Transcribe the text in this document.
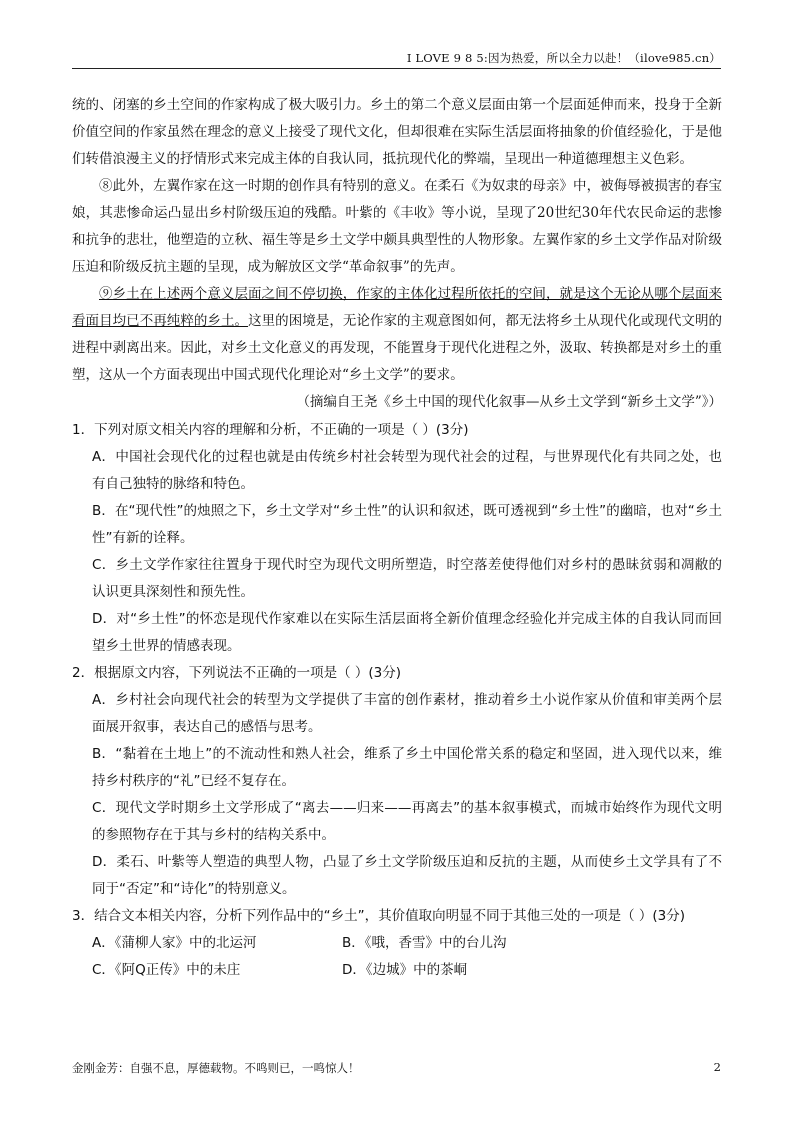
I LOVE 9 8 5:因为热爱，所以全力以赴！（ilove985.cn）

统的、闭塞的乡土空间的作家构成了极大吸引力。乡土的第二个意义层面由第一个层面延伸而来，投身于全新价值空间的作家虽然在理念的意义上接受了现代文化，但却很难在实际生活层面将抽象的价值经验化，于是他们转借浪漫主义的抒情形式来完成主体的自我认同，抵抗现代化的弊端，呈现出一种道德理想主义色彩。

⑧此外，左翼作家在这一时期的创作具有特别的意义。在柔石《为奴隶的母亲》中，被侮辱被损害的春宝娘，其悲惨命运凸显出乡村阶级压迫的残酷。叶紫的《丰收》等小说，呈现了20世纪30年代农民命运的悲惨和抗争的悲壮，他塑造的立秋、福生等是乡土文学中颇具典型性的人物形象。左翼作家的乡土文学作品对阶级压迫和阶级反抗主题的呈现，成为解放区文学“革命叙事”的先声。

⑨乡土在上述两个意义层面之间不停切换，作家的主体化过程所依托的空间，就是这个无论从哪个层面来看面目均已不再纯粹的乡土。这里的困境是，无论作家的主观意图如何，都无法将乡土从现代化或现代文明的进程中剥离出来。因此，对乡土文化意义的再发现，不能置身于现代化进程之外，汲取、转换都是对乡土的重塑，这从一个方面表现出中国式现代化理论对“乡土文学”的要求。

（摘编自王尧《乡土中国的现代化叙事—从乡土文学到“新乡土文学”》）

1．下列对原文相关内容的理解和分析，不正确的一项是（ ）(3分)

A．中国社会现代化的过程也就是由传统乡村社会转型为现代社会的过程，与世界现代化有共同之处，也有自己独特的脉络和特色。

B．在“现代性”的烛照之下，乡土文学对“乡土性”的认识和叙述，既可透视到“乡土性”的幽暗，也对“乡土性”有新的诠释。

C．乡土文学作家往往置身于现代时空为现代文明所塑造，时空落差使得他们对乡村的愚昧贫弱和凋敝的认识更具深刻性和预先性。

D．对“乡土性”的怀恋是现代作家难以在实际生活层面将全新价值理念经验化并完成主体的自我认同而回望乡土世界的情感表现。

2．根据原文内容，下列说法不正确的一项是（ ）(3分)

A．乡村社会向现代社会的转型为文学提供了丰富的创作素材，推动着乡土小说作家从价值和审美两个层面展开叙事，表达自己的感悟与思考。

B．“黏着在土地上”的不流动性和熟人社会，维系了乡土中国伦常关系的稳定和坚固，进入现代以来，维持乡村秩序的“礼”已经不复存在。

C．现代文学时期乡土文学形成了“离去——归来——再离去”的基本叙事模式，而城市始终作为现代文明的参照物存在于其与乡村的结构关系中。

D．柔石、叶紫等人塑造的典型人物，凸显了乡土文学阶级压迫和反抗的主题，从而使乡土文学具有了不同于“否定”和“诗化”的特别意义。

3．结合文本相关内容，分析下列作品中的“乡土”，其价值取向明显不同于其他三处的一项是（ ）(3分)

A．《蒲柳人家》中的北运河	B．《哦，香雪》中的台儿沟
C．《阿Q正传》中的未庄	D．《边城》中的茶峒
金刚金芳：自强不息，厚德载物。不鸣则已，一鸣惊人！	2
